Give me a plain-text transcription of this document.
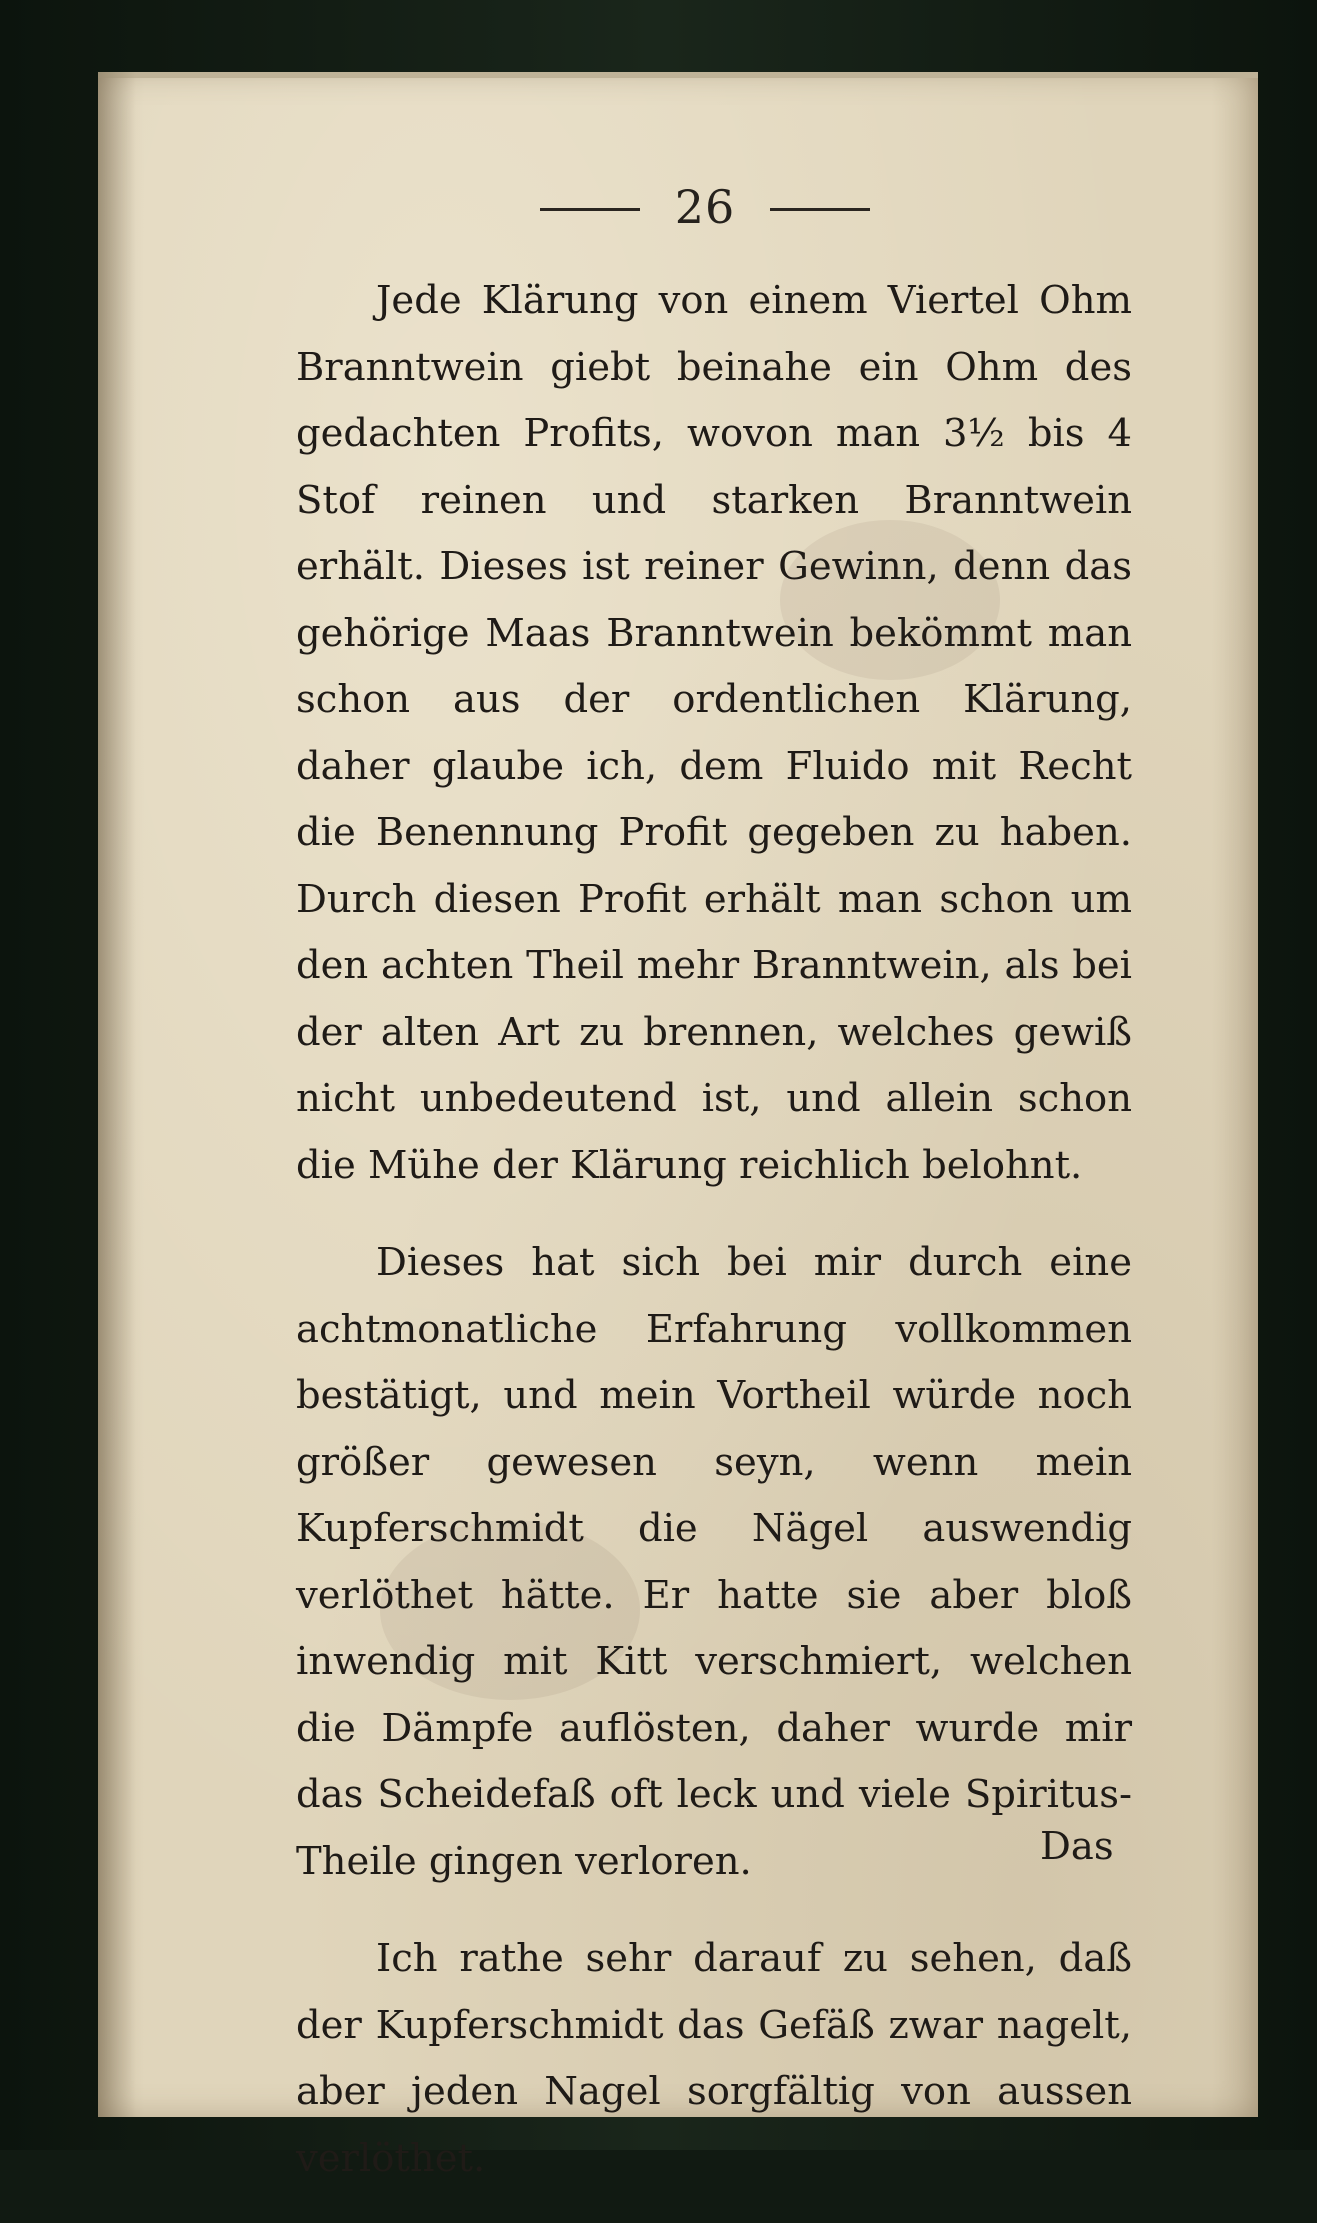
26

Jede Klärung von einem Viertel Ohm Branntwein giebt beinahe ein Ohm des gedachten Profits, wovon man 3½ bis 4 Stof reinen und starken Branntwein erhält. Dieses ist reiner Gewinn, denn das gehörige Maas Branntwein bekömmt man schon aus der ordentlichen Klärung, daher glaube ich, dem Fluido mit Recht die Benennung Profit gegeben zu haben. Durch diesen Profit erhält man schon um den achten Theil mehr Branntwein, als bei der alten Art zu brennen, welches gewiß nicht unbedeutend ist, und allein schon die Mühe der Klärung reichlich belohnt.

Dieses hat sich bei mir durch eine achtmonatliche Erfahrung vollkommen bestätigt, und mein Vortheil würde noch größer gewesen seyn, wenn mein Kupferschmidt die Nägel auswendig verlöthet hätte. Er hatte sie aber bloß inwendig mit Kitt verschmiert, welchen die Dämpfe auflösten, daher wurde mir das Scheidefaß oft leck und viele Spiritus-Theile gingen verloren.

Ich rathe sehr darauf zu sehen, daß der Kupferschmidt das Gefäß zwar nagelt, aber jeden Nagel sorgfältig von aussen verlöthet.

Das
